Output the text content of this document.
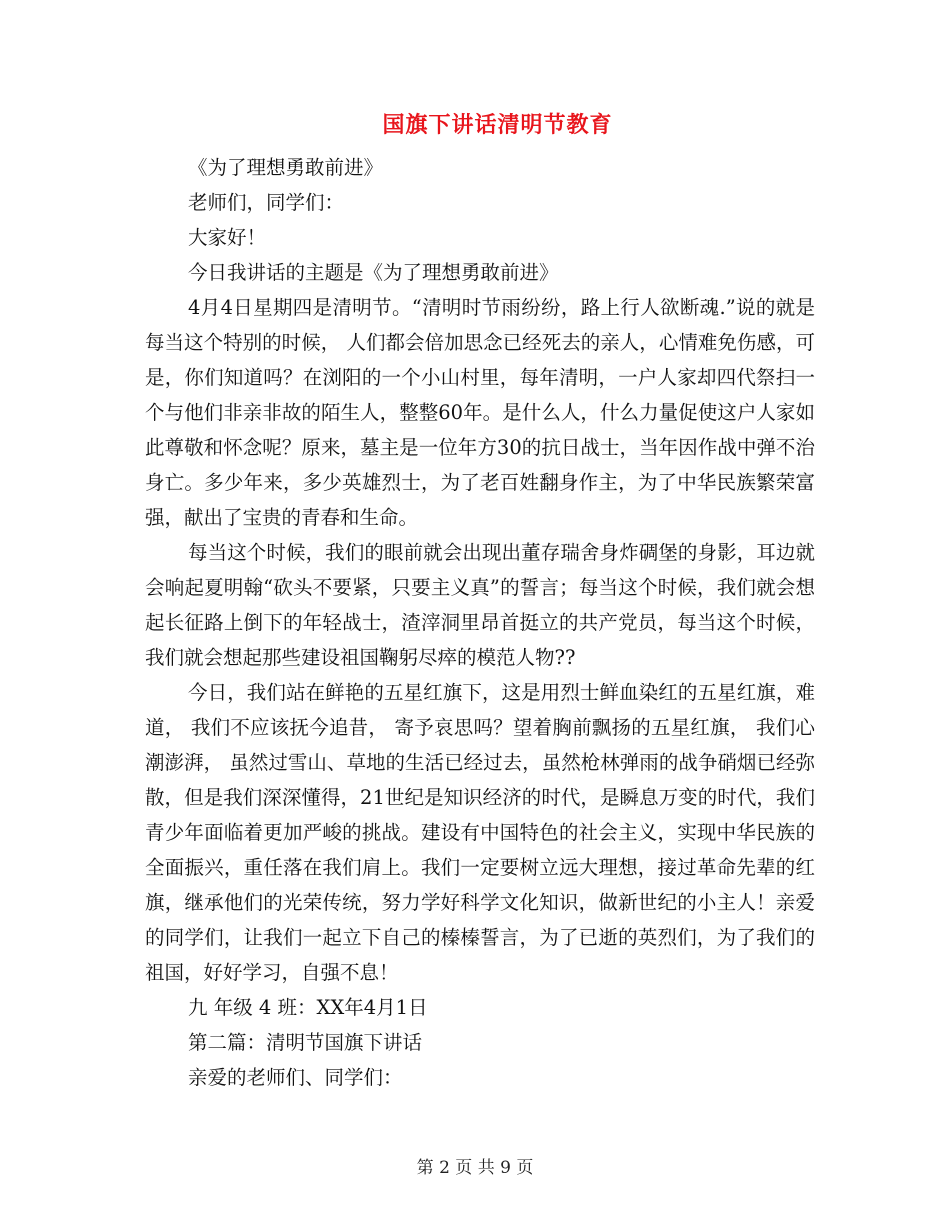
国旗下讲话清明节教育

《为了理想勇敢前进》

老师们，同学们：

大家好！

今日我讲话的主题是《为了理想勇敢前进》

4月4日星期四是清明节。“清明时节雨纷纷，路上行人欲断魂.”说的就是每当这个特别的时候， 人们都会倍加思念已经死去的亲人，心情难免伤感，可是，你们知道吗？在浏阳的一个小山村里，每年清明，一户人家却四代祭扫一个与他们非亲非故的陌生人，整整60年。是什么人，什么力量促使这户人家如此尊敬和怀念呢？原来，墓主是一位年方30的抗日战士，当年因作战中弹不治身亡。多少年来，多少英雄烈士，为了老百姓翻身作主，为了中华民族繁荣富强，献出了宝贵的青春和生命。

每当这个时候，我们的眼前就会出现出董存瑞舍身炸碉堡的身影，耳边就会响起夏明翰“砍头不要紧，只要主义真”的誓言；每当这个时候，我们就会想起长征路上倒下的年轻战士，渣滓洞里昂首挺立的共产党员，每当这个时候，我们就会想起那些建设祖国鞠躬尽瘁的模范人物??

今日，我们站在鲜艳的五星红旗下，这是用烈士鲜血染红的五星红旗，难道， 我们不应该抚今追昔， 寄予哀思吗？望着胸前飘扬的五星红旗， 我们心潮澎湃， 虽然过雪山、草地的生活已经过去，虽然枪林弹雨的战争硝烟已经弥散，但是我们深深懂得，21世纪是知识经济的时代，是瞬息万变的时代，我们青少年面临着更加严峻的挑战。建设有中国特色的社会主义，实现中华民族的全面振兴，重任落在我们肩上。我们一定要树立远大理想，接过革命先辈的红旗，继承他们的光荣传统，努力学好科学文化知识，做新世纪的小主人！亲爱的同学们，让我们一起立下自己的榛榛誓言，为了已逝的英烈们，为了我们的祖国，好好学习，自强不息！

九 年级 4 班：XX年4月1日

第二篇：清明节国旗下讲话

亲爱的老师们、同学们：

第 2 页 共 9 页
